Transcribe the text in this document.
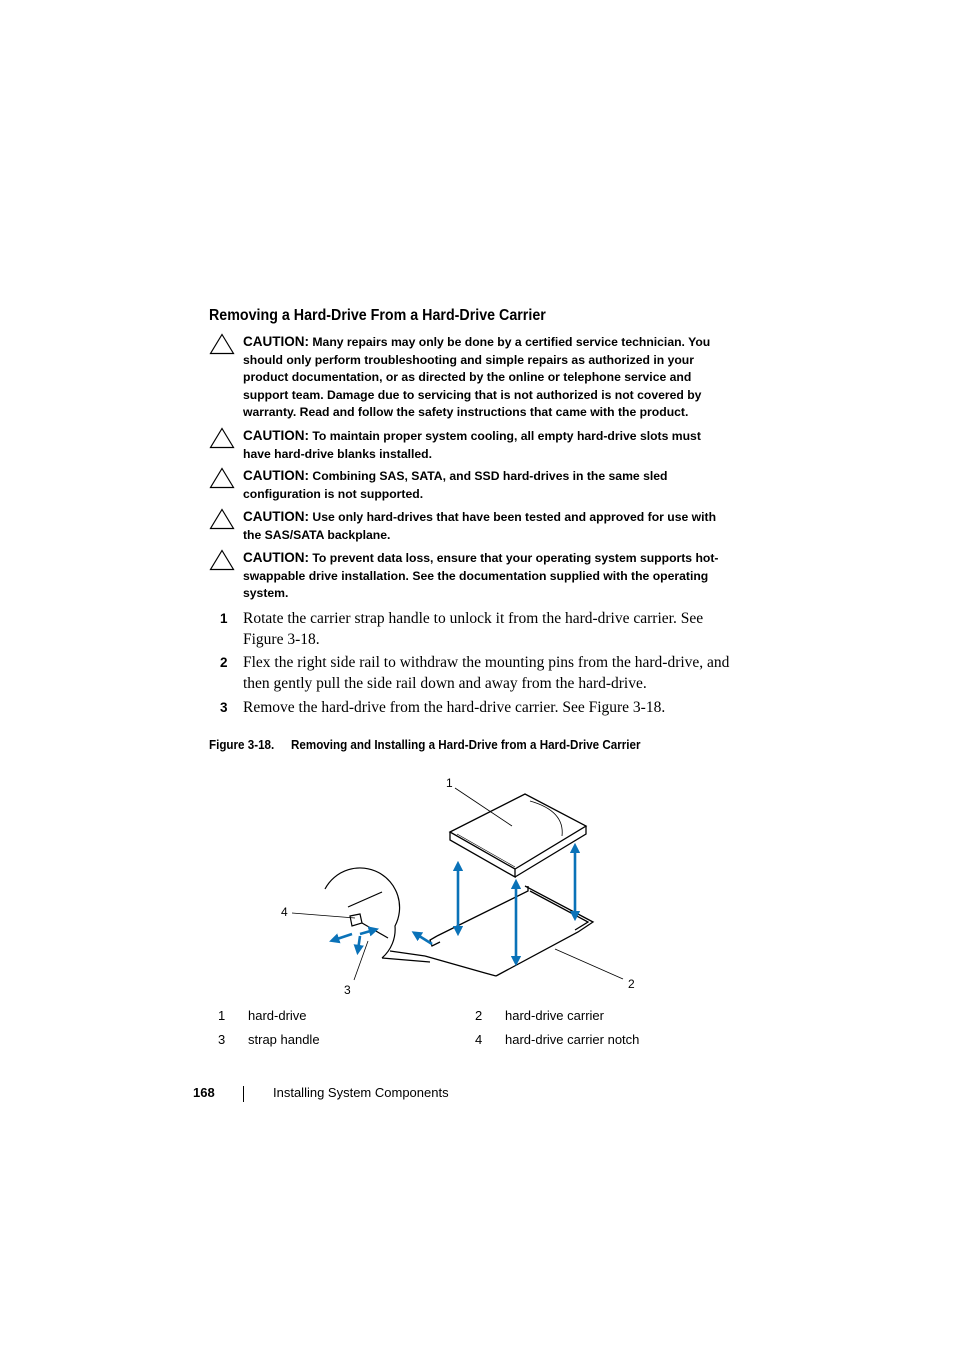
Removing a Hard-Drive From a Hard-Drive Carrier
CAUTION: Many repairs may only be done by a certified service technician. You should only perform troubleshooting and simple repairs as authorized in your product documentation, or as directed by the online or telephone service and support team. Damage due to servicing that is not authorized is not covered by warranty. Read and follow the safety instructions that came with the product.
CAUTION: To maintain proper system cooling, all empty hard-drive slots must have hard-drive blanks installed.
CAUTION: Combining SAS, SATA, and SSD hard-drives in the same sled configuration is not supported.
CAUTION: Use only hard-drives that have been tested and approved for use with the SAS/SATA backplane.
CAUTION: To prevent data loss, ensure that your operating system supports hot-swappable drive installation. See the documentation supplied with the operating system.
1 Rotate the carrier strap handle to unlock it from the hard-drive carrier. See Figure 3-18.
2 Flex the right side rail to withdraw the mounting pins from the hard-drive, and then gently pull the side rail down and away from the hard-drive.
3 Remove the hard-drive from the hard-drive carrier. See Figure 3-18.
Figure 3-18. Removing and Installing a Hard-Drive from a Hard-Drive Carrier
1
2
3
4
1 hard-drive	2 hard-drive carrier
3 strap handle	4 hard-drive carrier notch
168	Installing System Components
